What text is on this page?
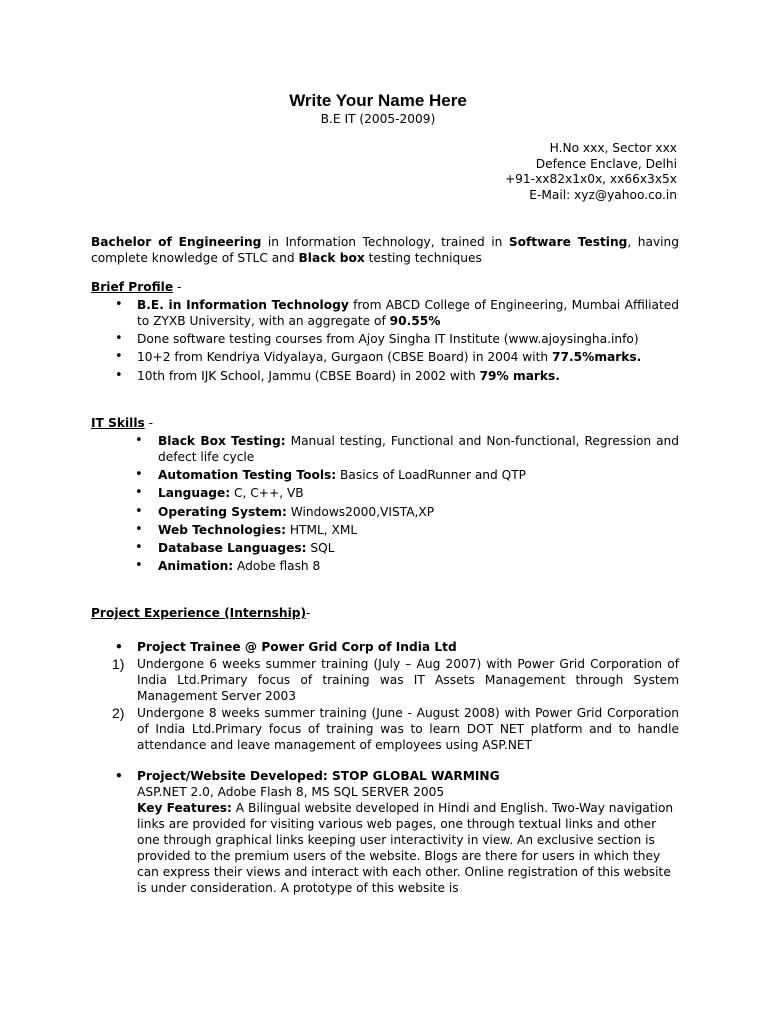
Write Your Name Here
B.E IT (2005-2009)
H.No xxx, Sector xxx
Defence Enclave, Delhi
+91-xx82x1x0x, xx66x3x5x
E-Mail: xyz@yahoo.co.in
Bachelor of Engineering in Information Technology, trained in Software Testing, having complete knowledge of STLC and Black box testing techniques
Brief Profile -
• B.E. in Information Technology from ABCD College of Engineering, Mumbai Affiliated to ZYXB University, with an aggregate of 90.55%
• Done software testing courses from Ajoy Singha IT Institute (www.ajoysingha.info)
• 10+2 from Kendriya Vidyalaya, Gurgaon (CBSE Board) in 2004 with 77.5%marks.
• 10th from IJK School, Jammu (CBSE Board) in 2002 with 79% marks.
IT Skills -
• Black Box Testing: Manual testing, Functional and Non-functional, Regression and defect life cycle
• Automation Testing Tools: Basics of LoadRunner and QTP
• Language: C, C++, VB
• Operating System: Windows2000,VISTA,XP
• Web Technologies: HTML, XML
• Database Languages: SQL
• Animation: Adobe flash 8
Project Experience (Internship)-
• Project Trainee @ Power Grid Corp of India Ltd
1) Undergone 6 weeks summer training (July – Aug 2007) with Power Grid Corporation of India Ltd.Primary focus of training was IT Assets Management through System Management Server 2003
2) Undergone 8 weeks summer training (June - August 2008) with Power Grid Corporation of India Ltd.Primary focus of training was to learn DOT NET platform and to handle attendance and leave management of employees using ASP.NET
• Project/Website Developed: STOP GLOBAL WARMING
ASP.NET 2.0, Adobe Flash 8, MS SQL SERVER 2005
Key Features: A Bilingual website developed in Hindi and English. Two-Way navigation links are provided for visiting various web pages, one through textual links and other one through graphical links keeping user interactivity in view. An exclusive section is provided to the premium users of the website. Blogs are there for users in which they can express their views and interact with each other. Online registration of this website is under consideration. A prototype of this website is
